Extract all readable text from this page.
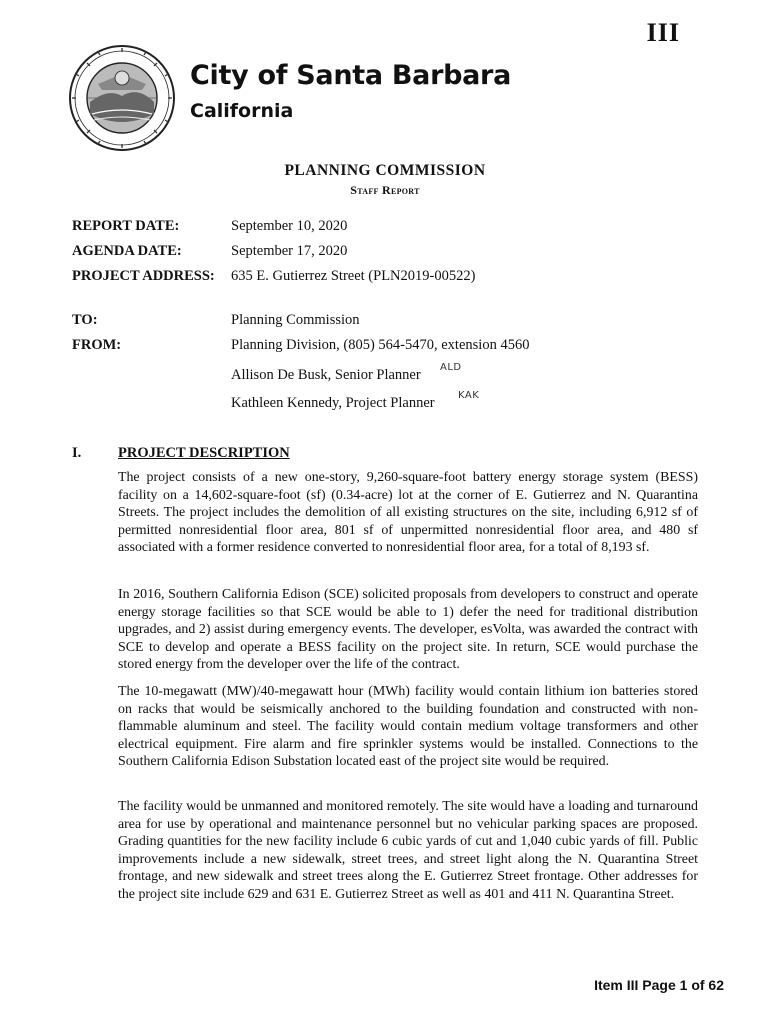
III
City of Santa Barbara
California
PLANNING COMMISSION
Staff Report
REPORT DATE:	September 10, 2020
AGENDA DATE:	September 17, 2020
PROJECT ADDRESS: 635 E. Gutierrez Street (PLN2019-00522)
TO:	Planning Commission
FROM:	Planning Division, (805) 564-5470, extension 4560
Allison De Busk, Senior Planner ALD
Kathleen Kennedy, Project Planner KAK
I.	PROJECT DESCRIPTION

The project consists of a new one-story, 9,260-square-foot battery energy storage system (BESS) facility on a 14,602-square-foot (sf) (0.34-acre) lot at the corner of E. Gutierrez and N. Quarantina Streets. The project includes the demolition of all existing structures on the site, including 6,912 sf of permitted nonresidential floor area, 801 sf of unpermitted nonresidential floor area, and 480 sf associated with a former residence converted to nonresidential floor area, for a total of 8,193 sf.

In 2016, Southern California Edison (SCE) solicited proposals from developers to construct and operate energy storage facilities so that SCE would be able to 1) defer the need for traditional distribution upgrades, and 2) assist during emergency events. The developer, esVolta, was awarded the contract with SCE to develop and operate a BESS facility on the project site. In return, SCE would purchase the stored energy from the developer over the life of the contract.

The 10-megawatt (MW)/40-megawatt hour (MWh) facility would contain lithium ion batteries stored on racks that would be seismically anchored to the building foundation and constructed with non-flammable aluminum and steel. The facility would contain medium voltage transformers and other electrical equipment. Fire alarm and fire sprinkler systems would be installed. Connections to the Southern California Edison Substation located east of the project site would be required.

The facility would be unmanned and monitored remotely. The site would have a loading and turnaround area for use by operational and maintenance personnel but no vehicular parking spaces are proposed. Grading quantities for the new facility include 6 cubic yards of cut and 1,040 cubic yards of fill. Public improvements include a new sidewalk, street trees, and street light along the N. Quarantina Street frontage, and new sidewalk and street trees along the E. Gutierrez Street frontage. Other addresses for the project site include 629 and 631 E. Gutierrez Street as well as 401 and 411 N. Quarantina Street.

Item III Page 1 of 62
